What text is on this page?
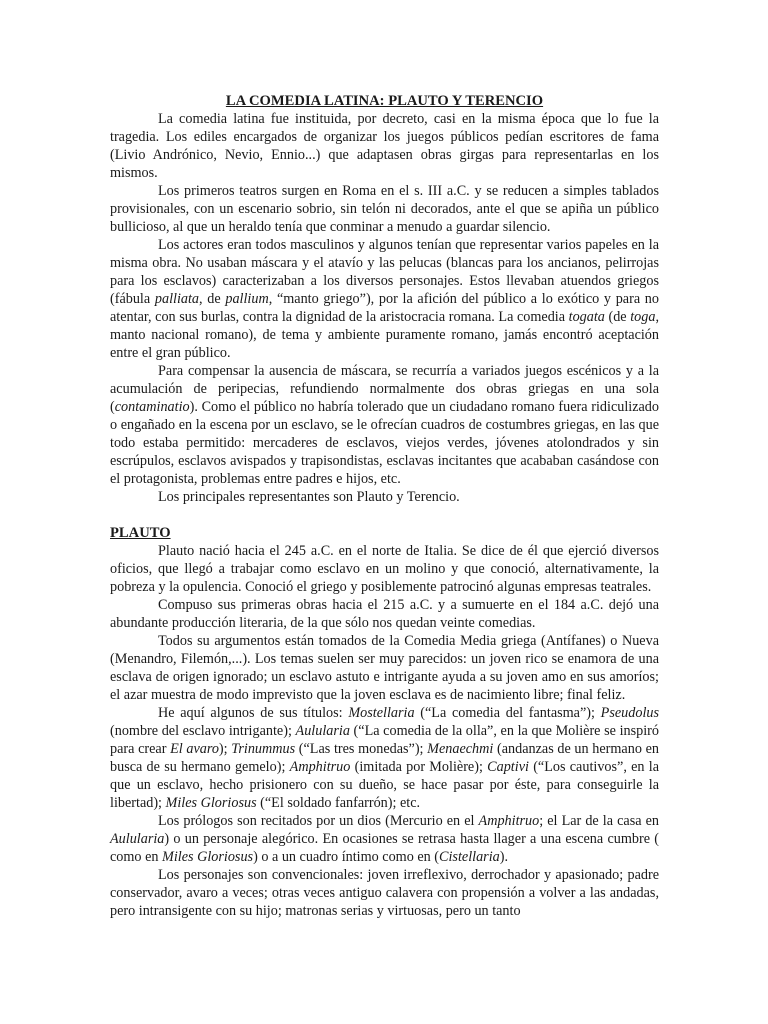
LA COMEDIA LATINA: PLAUTO Y TERENCIO

La comedia latina fue instituida, por decreto, casi en la misma época que lo fue la tragedia. Los ediles encargados de organizar los juegos públicos pedían escritores de fama (Livio Andrónico, Nevio, Ennio...) que adaptasen obras girgas para representarlas en los mismos.

Los primeros teatros surgen en Roma en el s. III a.C. y se reducen a simples tablados provisionales, con un escenario sobrio, sin telón ni decorados, ante el que se apiña un público bullicioso, al que un heraldo tenía que conminar a menudo a guardar silencio.

Los actores eran todos masculinos y algunos tenían que representar varios papeles en la misma obra. No usaban máscara y el atavío y las pelucas (blancas para los ancianos, pelirrojas para los esclavos) caracterizaban a los diversos personajes. Estos llevaban atuendos griegos (fábula palliata, de pallium, “manto griego”), por la afición del público a lo exótico y para no atentar, con sus burlas, contra la dignidad de la aristocracia romana. La comedia togata (de toga, manto nacional romano), de tema y ambiente puramente romano, jamás encontró aceptación entre el gran público.

Para compensar la ausencia de máscara, se recurría a variados juegos escénicos y a la acumulación de peripecias, refundiendo normalmente dos obras griegas en una sola (contaminatio). Como el público no habría tolerado que un ciudadano romano fuera ridiculizado o engañado en la escena por un esclavo, se le ofrecían cuadros de costumbres griegas, en las que todo estaba permitido: mercaderes de esclavos, viejos verdes, jóvenes atolondrados y sin escrúpulos, esclavos avispados y trapisondistas, esclavas incitantes que acababan casándose con el protagonista, problemas entre padres e hijos, etc.

Los principales representantes son Plauto y Terencio.

PLAUTO

Plauto nació hacia el 245 a.C. en el norte de Italia. Se dice de él que ejerció diversos oficios, que llegó a trabajar como esclavo en un molino y que conoció, alternativamente, la pobreza y la opulencia. Conoció el griego y posiblemente patrocinó algunas empresas teatrales.

Compuso sus primeras obras hacia el 215 a.C. y a sumuerte en el 184 a.C. dejó una abundante producción literaria, de la que sólo nos quedan veinte comedias.

Todos su argumentos están tomados de la Comedia Media griega (Antífanes) o Nueva (Menandro, Filemón,...). Los temas suelen ser muy parecidos: un joven rico se enamora de una esclava de origen ignorado; un esclavo astuto e intrigante ayuda a su joven amo en sus amoríos; el azar muestra de modo imprevisto que la joven esclava es de nacimiento libre; final feliz.

He aquí algunos de sus títulos: Mostellaria (“La comedia del fantasma”); Pseudolus (nombre del esclavo intrigante); Aulularia (“La comedia de la olla”, en la que Molière se inspiró para crear El avaro); Trinummus (“Las tres monedas”); Menaechmi (andanzas de un hermano en busca de su hermano gemelo); Amphitruo (imitada por Molière); Captivi (“Los cautivos”, en la que un esclavo, hecho prisionero con su dueño, se hace pasar por éste, para conseguirle la libertad); Miles Gloriosus (“El soldado fanfarrón); etc.

Los prólogos son recitados por un dios (Mercurio en el Amphitruo; el Lar de la casa en Aulularia) o un personaje alegórico. En ocasiones se retrasa hasta llager a una escena cumbre ( como en Miles Gloriosus) o a un cuadro íntimo como en (Cistellaria).

Los personajes son convencionales: joven irreflexivo, derrochador y apasionado; padre conservador, avaro a veces; otras veces antiguo calavera con propensión a volver a las andadas, pero intransigente con su hijo; matronas serias y virtuosas, pero un tanto
